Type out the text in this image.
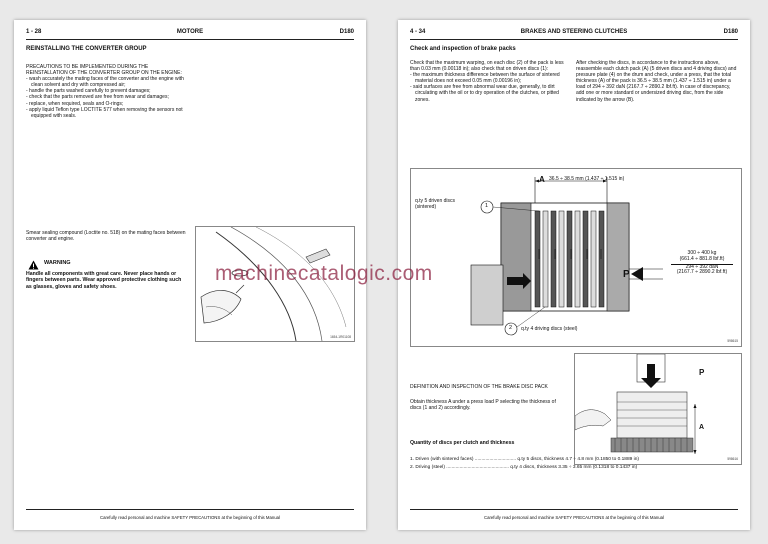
1 - 28	MOTORE	D180
REINSTALLING THE CONVERTER GROUP
PRECAUTIONS TO BE IMPLEMENTED DURING THE REINSTALLATION OF THE CONVERTER GROUP ON THE ENGINE:
- wash accurately the mating faces of the converter and the engine with clean solvent and dry with compressed air;
- handle the parts washed carefully to prevent damages;
- check that the parts removed are free from wear and damages;
- replace, when required, seals and O-rings;
- apply liquid Teflon type LOCTITE 577 when removing the sensors not equipped with seals.
Smear sealing compound (Loctite no. 518) on the mating faces between converter and engine.
WARNING
Handle all components with great care. Never place hands or fingers between parts. Wear approved protective clothing such as glasses, gloves and safety shoes.
1654-1R01108
Carefully read personal and machine SAFETY PRECAUTIONS at the beginning of this Manual
4 - 34	BRAKES AND STEERING CLUTCHES	D180
Check and inspection of brake packs
Check that the maximum warping, on each disc (2) of the pack is less than 0.03 mm (0.00118 in); also check that on driven discs (1):
- the maximum thickness difference between the surface of sintered material does not exceed 0.05 mm (0.00196 in);
- said surfaces are free from abnormal wear due, generally, to dirt circulating with the oil or to dry operation of the clutches, or pitted zones.
After checking the discs, in accordance to the instructions above, reassemble each clutch pack (A) (5 driven discs and 4 driving discs) and pressure plate (4) on the drum and check, under a press, that the total thickness (A) of the pack is 36.5 ÷ 38.5 mm (1.437 ÷ 1.515 in) under a load of 294 ÷ 392 daN (2167.7 ÷ 2890.2 lbf.ft). In case of discrepancy, add one or more standard or undersized driving disc, from the side indicated by the arrow (B).
A 36.5 ÷ 38.5 mm (1.437 ÷ 1.515 in)
1
q.ty 5 driven discs (sintered)
2 q.ty 4 driving discs (steel)
P
300 ÷ 400 kg
(661.4 ÷ 881.8 lbf.ft)
294 ÷ 392 daN
(2167.7 ÷ 2890.2 lbf.ft)
598615
DEFINITION AND INSPECTION OF THE BRAKE DISC PACK
Obtain thickness A under a press load P selecting the thickness of discs (1 and 2) accordingly.
P
A
598616
Quantity of discs per clutch and thickness
1. Driven (with sintered faces) ............................... q.ty 5 discs, thickness 4.7 ÷ 4.8 mm (0.1850 to 0.1889 in)
2. Driving (steel) ............................................... q.ty 4 discs, thickness 3.35 ÷ 3.65 mm (0.1318 to 0.1437 in)
Carefully read personal and machine SAFETY PRECAUTIONS at the beginning of this Manual
machinecatalogic.com
